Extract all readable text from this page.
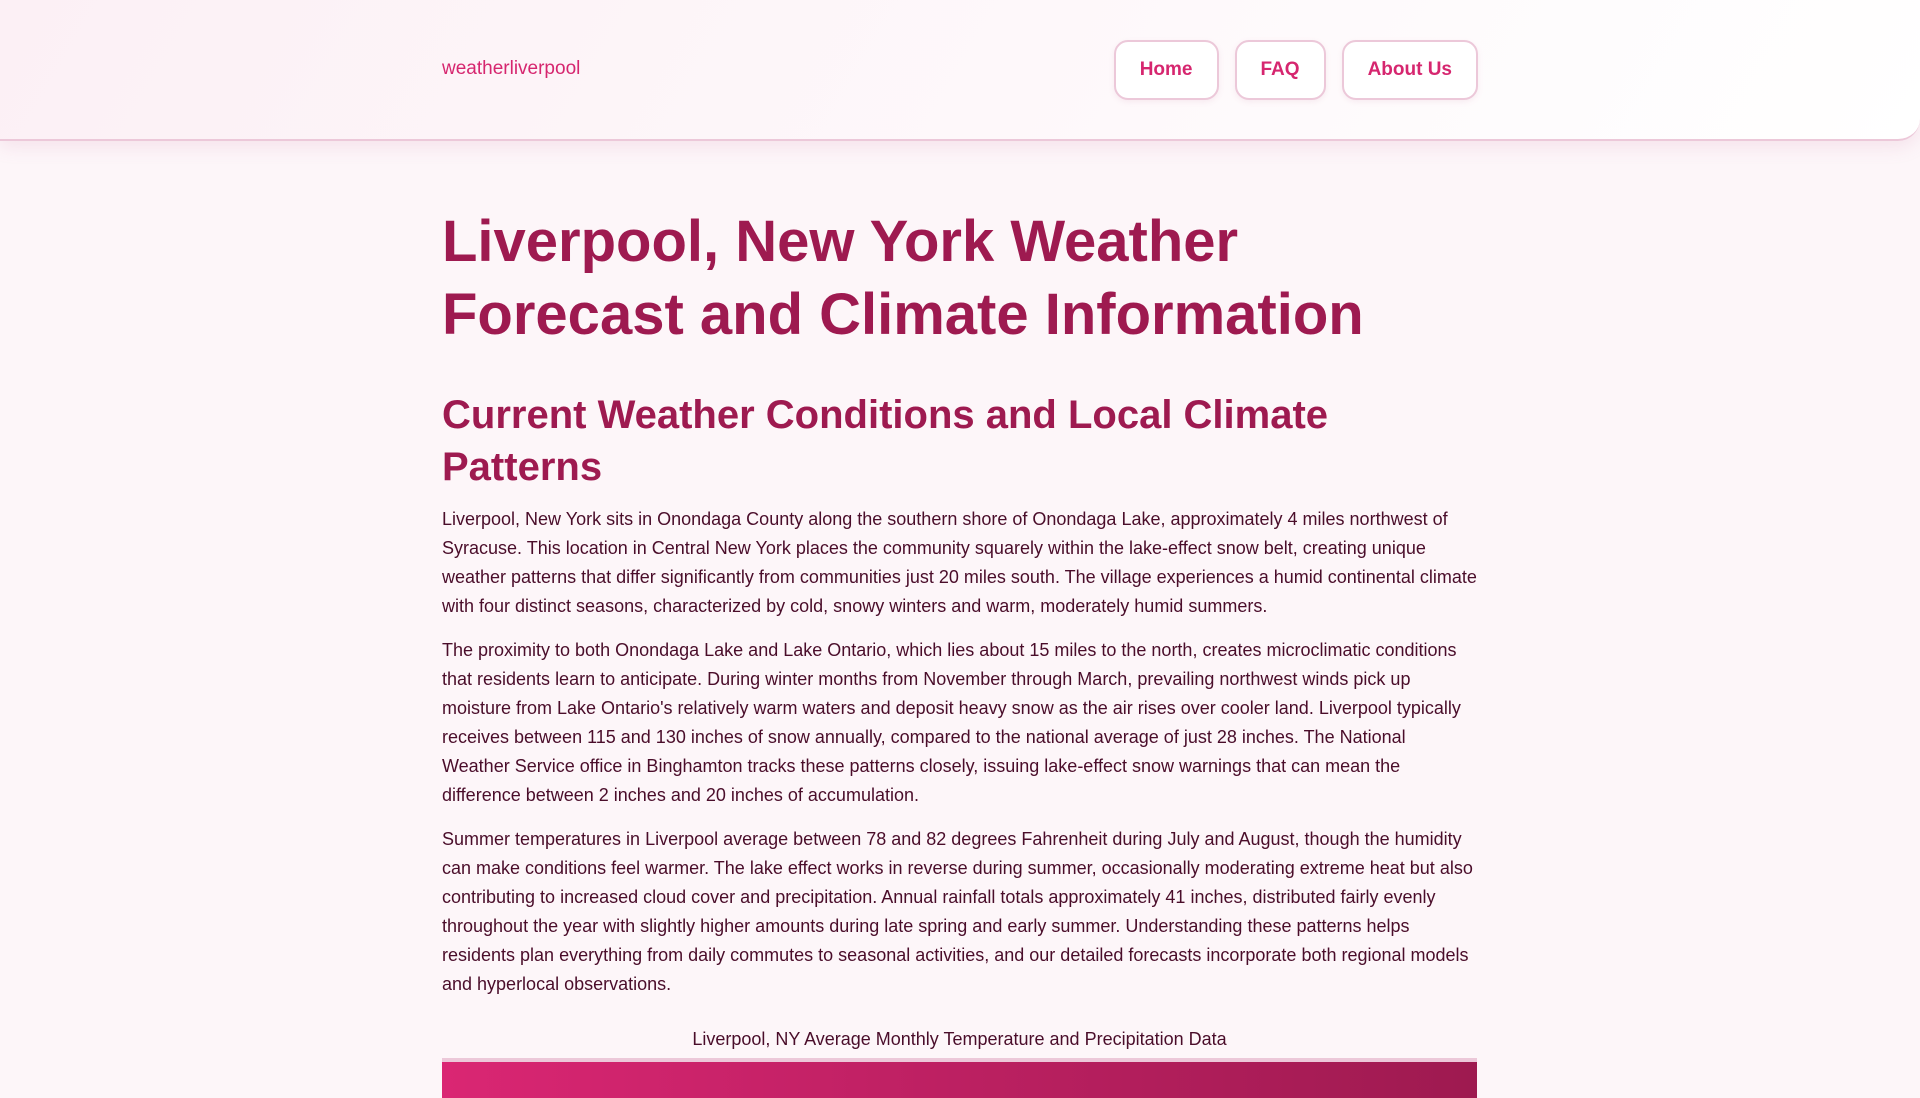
weatherliverpool	Home	FAQ	About Us
Liverpool, New York Weather Forecast and Climate Information
Current Weather Conditions and Local Climate Patterns

Liverpool, New York sits in Onondaga County along the southern shore of Onondaga Lake, approximately 4 miles northwest of Syracuse. This location in Central New York places the community squarely within the lake-effect snow belt, creating unique weather patterns that differ significantly from communities just 20 miles south. The village experiences a humid continental climate with four distinct seasons, characterized by cold, snowy winters and warm, moderately humid summers.

The proximity to both Onondaga Lake and Lake Ontario, which lies about 15 miles to the north, creates microclimatic conditions that residents learn to anticipate. During winter months from November through March, prevailing northwest winds pick up moisture from Lake Ontario's relatively warm waters and deposit heavy snow as the air rises over cooler land. Liverpool typically receives between 115 and 130 inches of snow annually, compared to the national average of just 28 inches. The National Weather Service office in Binghamton tracks these patterns closely, issuing lake-effect snow warnings that can mean the difference between 2 inches and 20 inches of accumulation.

Summer temperatures in Liverpool average between 78 and 82 degrees Fahrenheit during July and August, though the humidity can make conditions feel warmer. The lake effect works in reverse during summer, occasionally moderating extreme heat but also contributing to increased cloud cover and precipitation. Annual rainfall totals approximately 41 inches, distributed fairly evenly throughout the year with slightly higher amounts during late spring and early summer. Understanding these patterns helps residents plan everything from daily commutes to seasonal activities, and our detailed forecasts incorporate both regional models and hyperlocal observations.

Liverpool, NY Average Monthly Temperature and Precipitation Data
